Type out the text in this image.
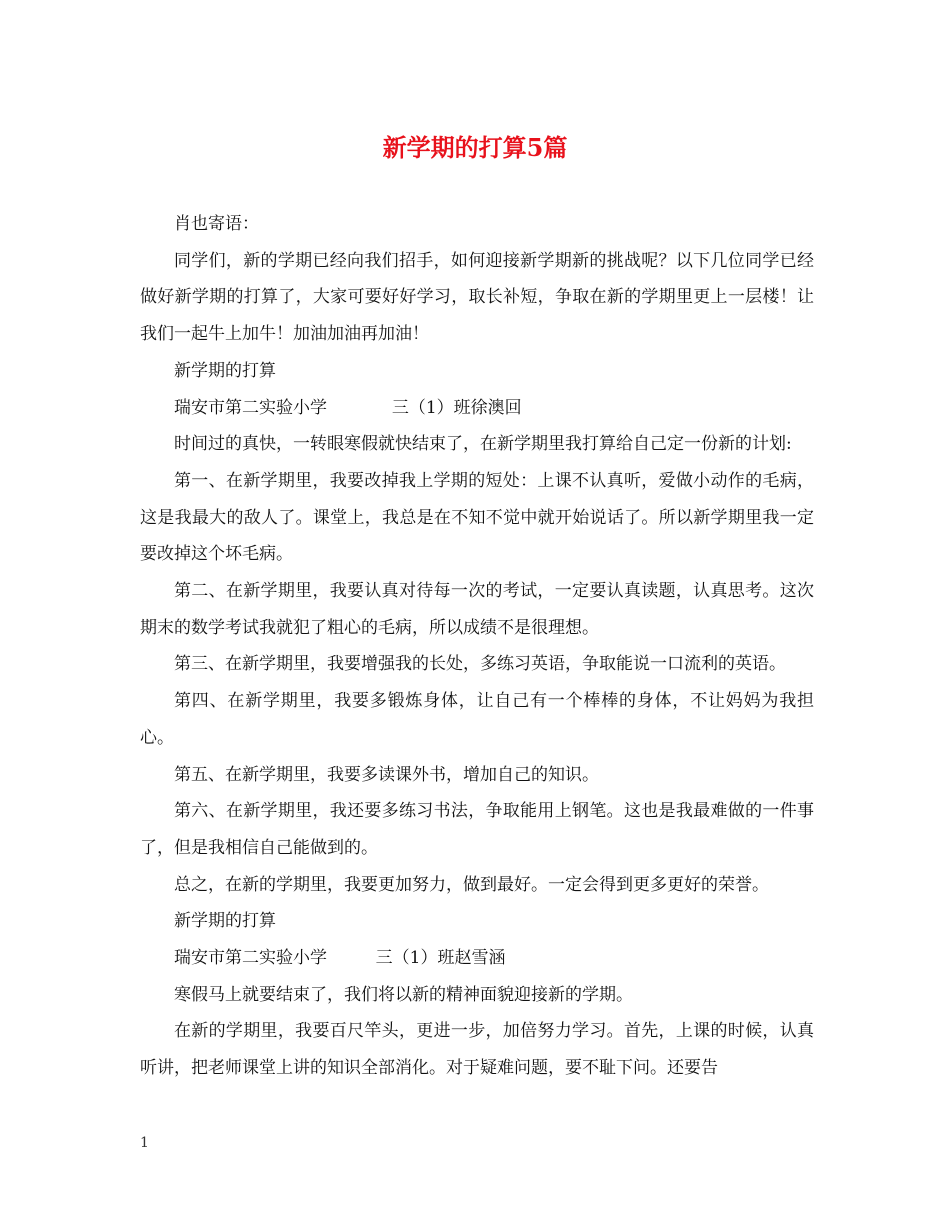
新学期的打算5篇

肖也寄语：

同学们，新的学期已经向我们招手，如何迎接新学期新的挑战呢？以下几位同学已经做好新学期的打算了，大家可要好好学习，取长补短，争取在新的学期里更上一层楼！让我们一起牛上加牛！加油加油再加油！

新学期的打算

瑞安市第二实验小学            三（1）班徐澳回

时间过的真快，一转眼寒假就快结束了，在新学期里我打算给自己定一份新的计划:

第一、在新学期里，我要改掉我上学期的短处：上课不认真听，爱做小动作的毛病，这是我最大的敌人了。课堂上，我总是在不知不觉中就开始说话了。所以新学期里我一定要改掉这个坏毛病。

第二、在新学期里，我要认真对待每一次的考试，一定要认真读题，认真思考。这次期末的数学考试我就犯了粗心的毛病，所以成绩不是很理想。

第三、在新学期里，我要增强我的长处，多练习英语，争取能说一口流利的英语。

第四、在新学期里，我要多锻炼身体，让自己有一个棒棒的身体，不让妈妈为我担心。

第五、在新学期里，我要多读课外书，增加自己的知识。

第六、在新学期里，我还要多练习书法，争取能用上钢笔。这也是我最难做的一件事了，但是我相信自己能做到的。

总之，在新的学期里，我要更加努力，做到最好。一定会得到更多更好的荣誉。

新学期的打算

瑞安市第二实验小学         三（1）班赵雪涵

寒假马上就要结束了，我们将以新的精神面貌迎接新的学期。

在新的学期里，我要百尺竿头，更进一步，加倍努力学习。首先，上课的时候，认真听讲，把老师课堂上讲的知识全部消化。对于疑难问题，要不耻下问。还要告

1
